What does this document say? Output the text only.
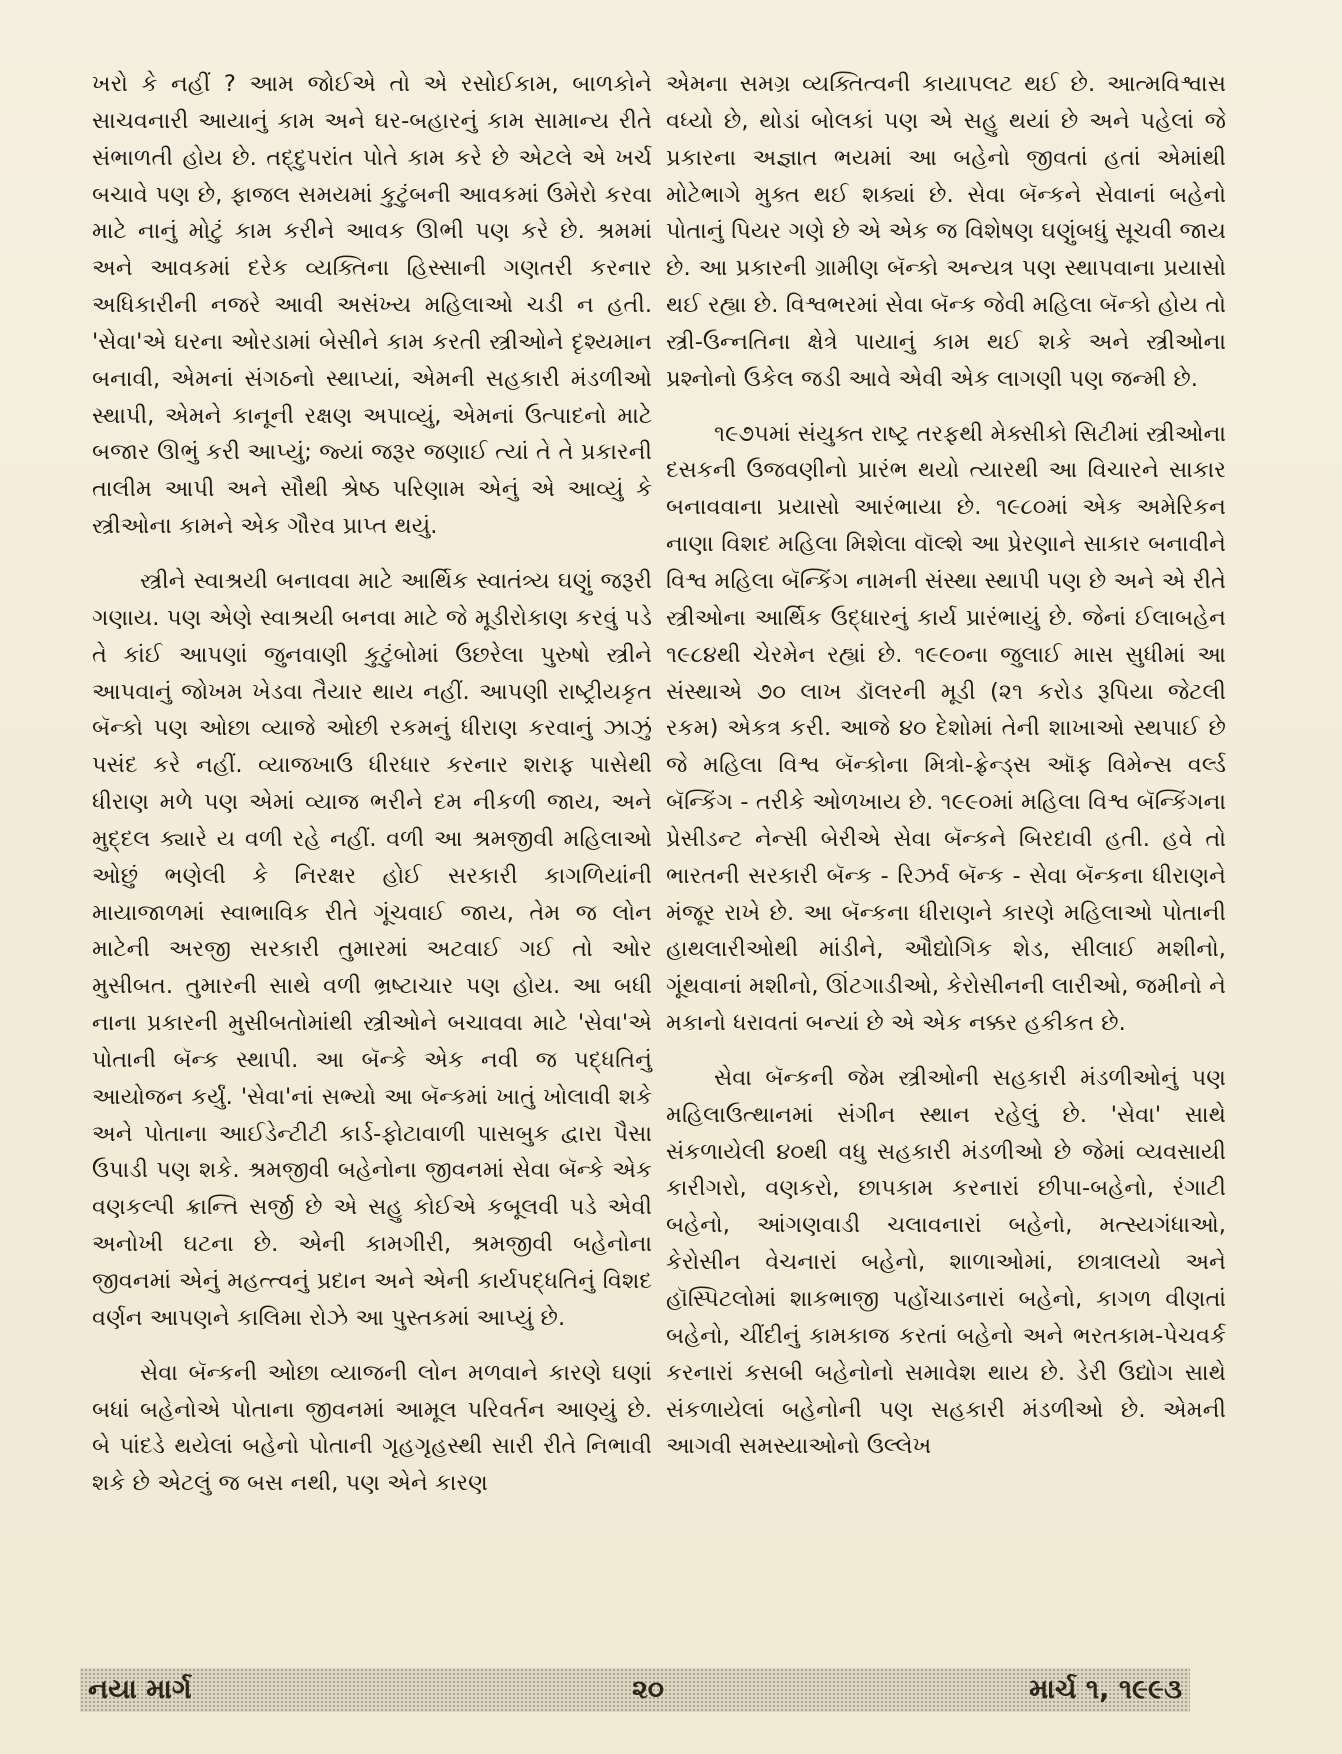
ખરો કે નહીં ? આમ જોઈએ તો એ રસોઈકામ, બાળકોને સાચવનારી આયાનું કામ અને ઘર-બહારનું કામ સામાન્ય રીતે સંભાળતી હોય છે. તદ્દુપરાંત પોતે કામ કરે છે એટલે એ ખર્ચ બચાવે પણ છે, ફાજલ સમયમાં કુટુંબની આવકમાં ઉમેરો કરવા માટે નાનું મોટું કામ કરીને આવક ઊભી પણ કરે છે. શ્રમમાં અને આવકમાં દરેક વ્યક્તિના હિસ્સાની ગણતરી કરનાર અધિકારીની નજરે આવી અસંખ્ય મહિલાઓ ચડી ન હતી. 'સેવા'એ ઘરના ઓરડામાં બેસીને કામ કરતી સ્ત્રીઓને દૃશ્યમાન બનાવી, એમનાં સંગઠનો સ્થાપ્યાં, એમની સહકારી મંડળીઓ સ્થાપી, એમને કાનૂની રક્ષણ અપાવ્યું, એમનાં ઉત્પાદનો માટે બજાર ઊભું કરી આપ્યું; જ્યાં જરૂર જણાઈ ત્યાં તે તે પ્રકારની તાલીમ આપી અને સૌથી શ્રેષ્ઠ પરિણામ એનું એ આવ્યું કે સ્ત્રીઓના કામને એક ગૌરવ પ્રાપ્ત થયું.

સ્ત્રીને સ્વાશ્રયી બનાવવા માટે આર્થિક સ્વાતંત્ર્ય ઘણું જરૂરી ગણાય. પણ એણે સ્વાશ્રયી બનવા માટે જે મૂડીરોકાણ કરવું પડે તે કાંઈ આપણાં જુનવાણી કુટુંબોમાં ઉછરેલા પુરુષો સ્ત્રીને આપવાનું જોખમ ખેડવા તૈયાર થાય નહીં. આપણી રાષ્ટ્રીયકૃત બૅન્કો પણ ઓછા વ્યાજે ઓછી રકમનું ધીરાણ કરવાનું ઝાઝું પસંદ કરે નહીં. વ્યાજખાઉ ધીરધાર કરનાર શરાફ પાસેથી ધીરાણ મળે પણ એમાં વ્યાજ ભરીને દમ નીકળી જાય, અને મુદ્દલ ક્યારે ય વળી રહે નહીં. વળી આ શ્રમજીવી મહિલાઓ ઓછું ભણેલી કે નિરક્ષર હોઈ સરકારી કાગળિયાંની માયાજાળમાં સ્વાભાવિક રીતે ગૂંચવાઈ જાય, તેમ જ લોન માટેની અરજી સરકારી તુમારમાં અટવાઈ ગઈ તો ઓર મુસીબત. તુમારની સાથે વળી ભ્રષ્ટાચાર પણ હોય. આ બધી નાના પ્રકારની મુસીબતોમાંથી સ્ત્રીઓને બચાવવા માટે 'સેવા'એ પોતાની બૅન્ક સ્થાપી. આ બૅન્કે એક નવી જ પદ્ધતિનું આયોજન કર્યું. 'સેવા'નાં સભ્યો આ બૅન્કમાં ખાતું ખોલાવી શકે અને પોતાના આઈડેન્ટીટી કાર્ડ-ફોટાવાળી પાસબુક દ્વારા પૈસા ઉપાડી પણ શકે. શ્રમજીવી બહેનોના જીવનમાં સેવા બૅન્કે એક વણકલ્પી ક્રાન્તિ સર્જી છે એ સહુ કોઈએ કબૂલવી પડે એવી અનોખી ઘટના છે. એની કામગીરી, શ્રમજીવી બહેનોના જીવનમાં એનું મહત્ત્વનું પ્રદાન અને એની કાર્યપદ્ધતિનું વિશદ વર્ણન આપણને કાલિમા રોઝે આ પુસ્તકમાં આપ્યું છે.

સેવા બૅન્કની ઓછા વ્યાજની લોન મળવાને કારણે ઘણાં બધાં બહેનોએ પોતાના જીવનમાં આમૂલ પરિવર્તન આણ્યું છે. બે પાંદડે થયેલાં બહેનો પોતાની ગૃહગૃહસ્થી સારી રીતે નિભાવી શકે છે એટલું જ બસ નથી, પણ એને કારણ

એમના સમગ્ર વ્યક્તિત્વની કાયાપલટ થઈ છે. આત્મવિશ્વાસ વધ્યો છે, થોડાં બોલકાં પણ એ સહુ થયાં છે અને પહેલાં જે પ્રકારના અજ્ઞાત ભયમાં આ બહેનો જીવતાં હતાં એમાંથી મોટેભાગે મુક્ત થઈ શક્યાં છે. સેવા બૅન્કને સેવાનાં બહેનો પોતાનું પિયર ગણે છે એ એક જ વિશેષણ ઘણુંબધું સૂચવી જાય છે. આ પ્રકારની ગ્રામીણ બૅન્કો અન્યત્ર પણ સ્થાપવાના પ્રયાસો થઈ રહ્યા છે. વિશ્વભરમાં સેવા બૅન્ક જેવી મહિલા બૅન્કો હોય તો સ્ત્રી-ઉન્નતિના ક્ષેત્રે પાયાનું કામ થઈ શકે અને સ્ત્રીઓના પ્રશ્નોનો ઉકેલ જડી આવે એવી એક લાગણી પણ જન્મી છે.

૧૯૭૫માં સંયુક્ત રાષ્ટ્ર તરફથી મેક્સીકો સિટીમાં સ્ત્રીઓના દસકની ઉજવણીનો પ્રારંભ થયો ત્યારથી આ વિચારને સાકાર બનાવવાના પ્રયાસો આરંભાયા છે. ૧૯૮૦માં એક અમેરિકન નાણા વિશદ મહિલા મિશેલા વૉલ્શે આ પ્રેરણાને સાકાર બનાવીને વિશ્વ મહિલા બૅન્કિંગ નામની સંસ્થા સ્થાપી પણ છે અને એ રીતે સ્ત્રીઓના આર્થિક ઉદ્ધારનું કાર્ય પ્રારંભાયું છે. જેનાં ઈલાબહેન ૧૯૮૪થી ચેરમેન રહ્યાં છે. ૧૯૯૦ના જુલાઈ માસ સુધીમાં આ સંસ્થાએ ૭૦ લાખ ડૉલરની મૂડી (૨૧ કરોડ રૂપિયા જેટલી રકમ) એકત્ર કરી. આજે ૪૦ દેશોમાં તેની શાખાઓ સ્થપાઈ છે જે મહિલા વિશ્વ બૅન્કોના મિત્રો-ફ્રેન્ડ્સ ઑફ વિમેન્સ વર્લ્ડ બૅન્કિંગ - તરીકે ઓળખાય છે. ૧૯૯૦માં મહિલા વિશ્વ બૅન્કિંગના પ્રેસીડન્ટ નેન્સી બેરીએ સેવા બૅન્કને બિરદાવી હતી. હવે તો ભારતની સરકારી બૅન્ક - રિઝર્વ બૅન્ક - સેવા બૅન્કના ધીરાણને મંજૂર રાખે છે. આ બૅન્કના ધીરાણને કારણે મહિલાઓ પોતાની હાથલારીઓથી માંડીને, ઔદ્યોગિક શેડ, સીલાઈ મશીનો, ગૂંથવાનાં મશીનો, ઊંટગાડીઓ, કેરોસીનની લારીઓ, જમીનો ને મકાનો ધરાવતાં બન્યાં છે એ એક નક્કર હકીકત છે.

સેવા બૅન્કની જેમ સ્ત્રીઓની સહકારી મંડળીઓનું પણ મહિલાઉત્થાનમાં સંગીન સ્થાન રહેલું છે. 'સેવા' સાથે સંકળાયેલી ૪૦થી વધુ સહકારી મંડળીઓ છે જેમાં વ્યવસાયી કારીગરો, વણકરો, છાપકામ કરનારાં છીપા-બહેનો, રંગાટી બહેનો, આંગણવાડી ચલાવનારાં બહેનો, મત્સ્યગંધાઓ, કેરોસીન વેચનારાં બહેનો, શાળાઓમાં, છાત્રાલયો અને હૉસ્પિટલોમાં શાકભાજી પહોંચાડનારાં બહેનો, કાગળ વીણતાં બહેનો, ચીંદીનું કામકાજ કરતાં બહેનો અને ભરતકામ-પેચવર્ક કરનારાં કસબી બહેનોનો સમાવેશ થાય છે. ડેરી ઉદ્યોગ સાથે સંકળાયેલાં બહેનોની પણ સહકારી મંડળીઓ છે. એમની આગવી સમસ્યાઓનો ઉલ્લેખ

નયા માર્ગ	૨૦	માર્ચ ૧, ૧૯૯૩
